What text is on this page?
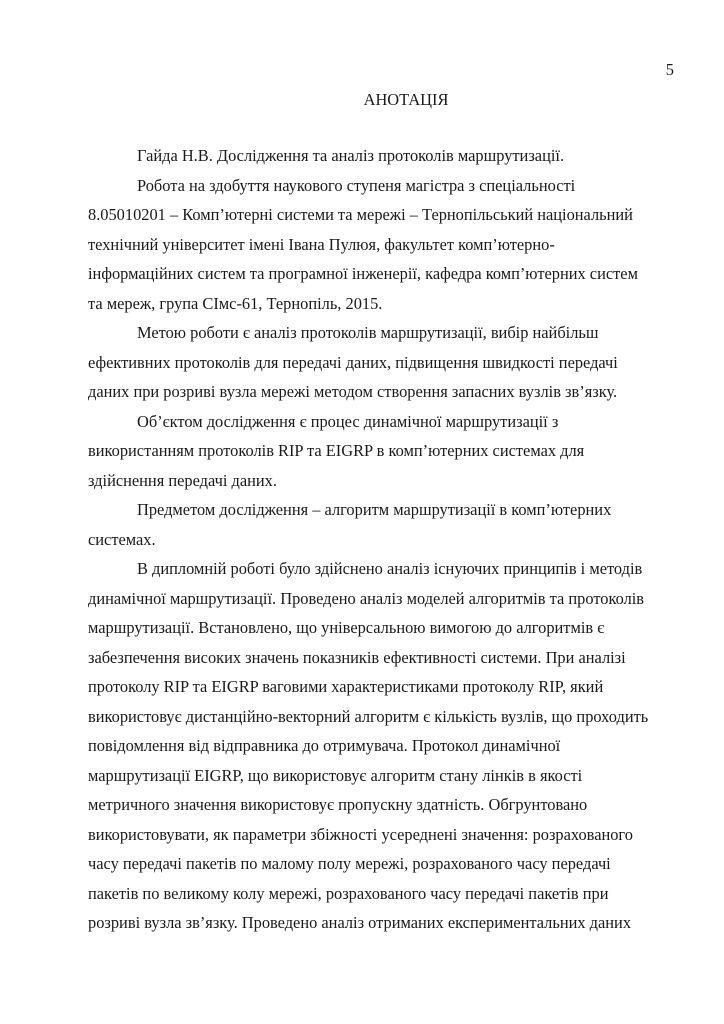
5
АНОТАЦІЯ
Гайда Н.В. Дослідження та аналіз протоколів маршрутизації.
Робота на здобуття наукового ступеня магістра з спеціальності
8.05010201 – Комп’ютерні системи та мережі – Тернопільський національний
технічний університет імені Івана Пулюя, факультет комп’ютерно-
інформаційних систем та програмної інженерії, кафедра комп’ютерних систем
та мереж, група СІмс-61, Тернопіль, 2015.
Метою роботи є аналіз протоколів маршрутизації, вибір найбільш
ефективних протоколів для передачі даних, підвищення швидкості передачі
даних при розриві вузла мережі методом створення запасних вузлів зв’язку.
Об’єктом дослідження є процес динамічної маршрутизації з
використанням протоколів RIP та EIGRP в комп’ютерних системах для
здійснення передачі даних.
Предметом дослідження – алгоритм маршрутизації в комп’ютерних
системах.
В дипломній роботі було здійснено аналіз існуючих принципів і методів
динамічної маршрутизації. Проведено аналіз моделей алгоритмів та протоколів
маршрутизації. Встановлено, що універсальною вимогою до алгоритмів є
забезпечення високих значень показників ефективності системи. При аналізі
протоколу RIP та EIGRP ваговими характеристиками протоколу RIP, який
використовує дистанційно-векторний алгоритм є кількість вузлів, що проходить
повідомлення від відправника до отримувача. Протокол динамічної
маршрутизації EIGRP, що використовує алгоритм стану лінків в якості
метричного значення використовує пропускну здатність. Обгрунтовано
використовувати, як параметри збіжності усереднені значення: розрахованого
часу передачі пакетів по малому полу мережі, розрахованого часу передачі
пакетів по великому колу мережі, розрахованого часу передачі пакетів при
розриві вузла зв’язку. Проведено аналіз отриманих експериментальних даних
